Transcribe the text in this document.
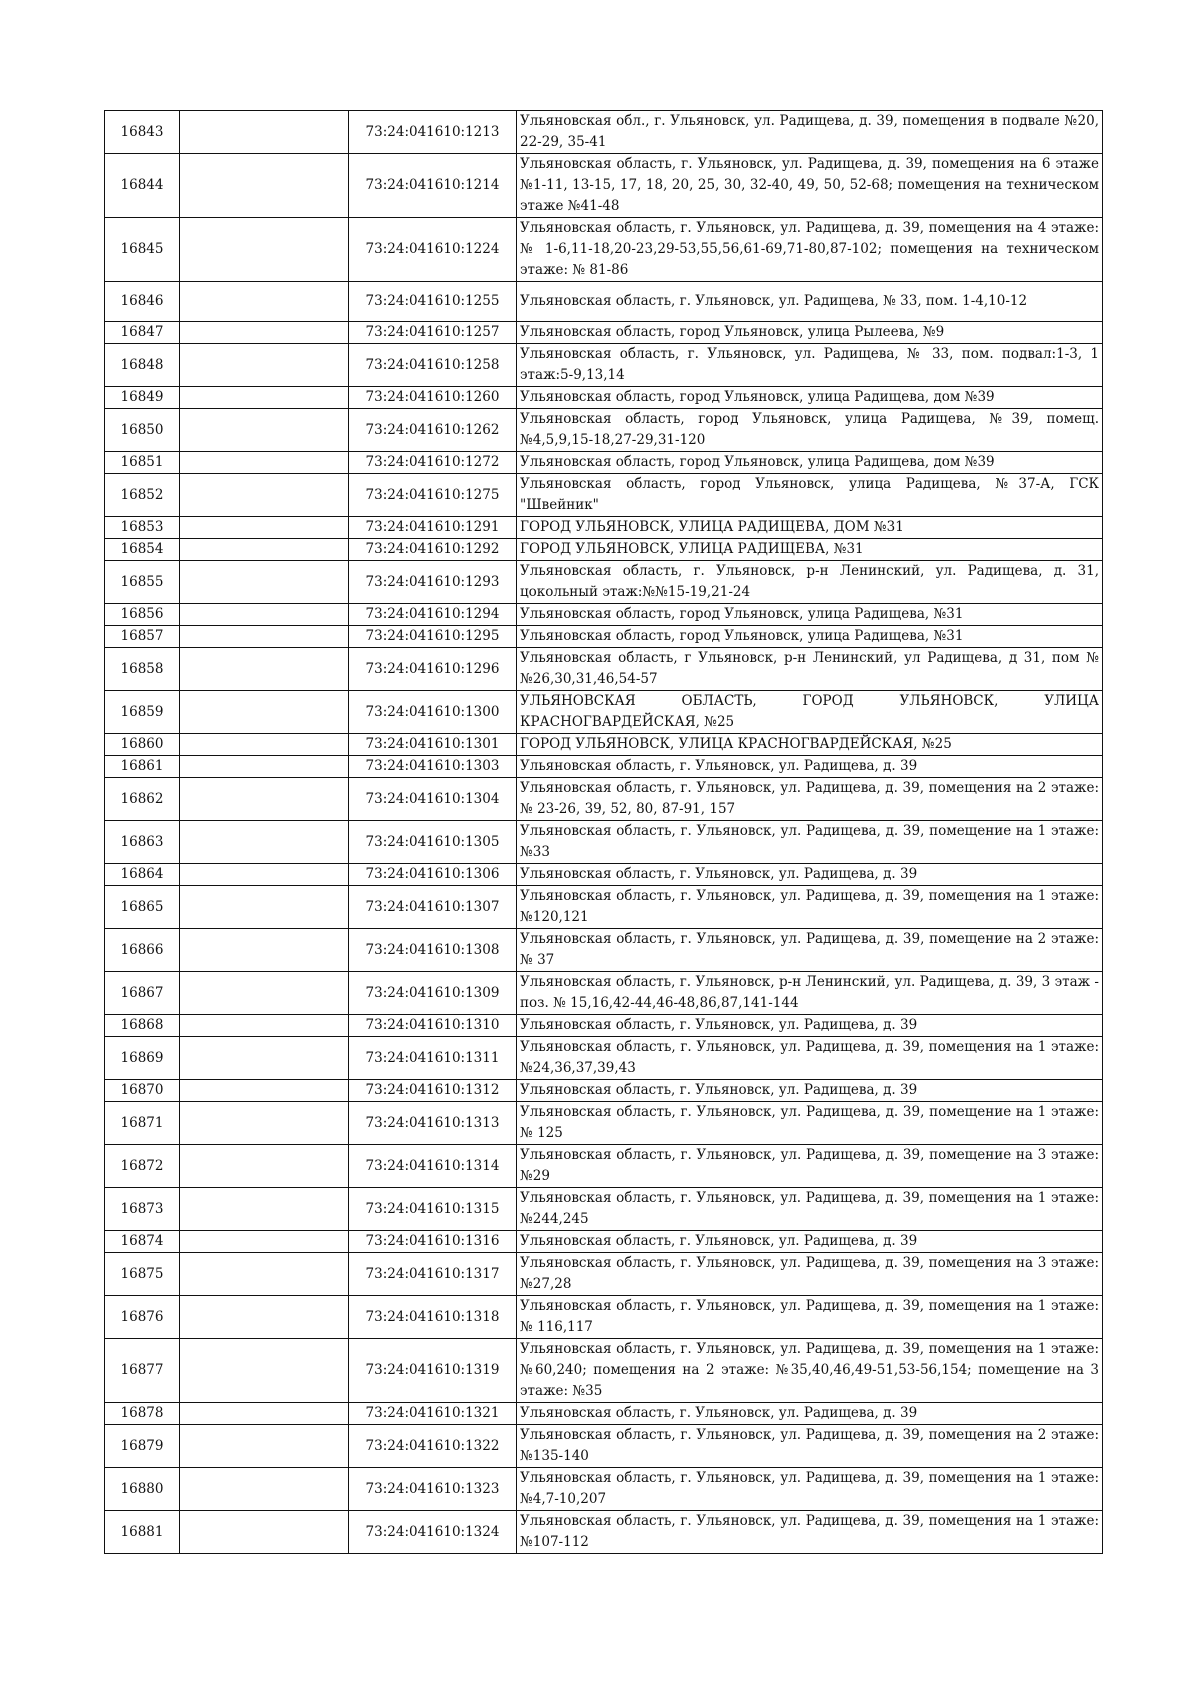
16843		73:24:041610:1213	Ульяновская обл., г. Ульяновск, ул. Радищева, д. 39, помещения в подвале №20, 22-29, 35-41
16844		73:24:041610:1214	Ульяновская область, г. Ульяновск, ул. Радищева, д. 39, помещения на 6 этаже №1-11, 13-15, 17, 18, 20, 25, 30, 32-40, 49, 50, 52-68; помещения на техническом этаже №41-48
16845		73:24:041610:1224	Ульяновская область, г. Ульяновск, ул. Радищева, д. 39, помещения на 4 этаже: № 1-6,11-18,20-23,29-53,55,56,61-69,71-80,87-102; помещения на техническом этаже: № 81-86
16846		73:24:041610:1255	Ульяновская область, г. Ульяновск, ул. Радищева, № 33, пом. 1-4,10-12
16847		73:24:041610:1257	Ульяновская область, город Ульяновск, улица Рылеева, №9
16848		73:24:041610:1258	Ульяновская область, г. Ульяновск, ул. Радищева, № 33, пом. подвал:1-3, 1 этаж:5-9,13,14
16849		73:24:041610:1260	Ульяновская область, город Ульяновск, улица Радищева, дом №39
16850		73:24:041610:1262	Ульяновская область, город Ульяновск, улица Радищева, №39, помещ. №4,5,9,15-18,27-29,31-120
16851		73:24:041610:1272	Ульяновская область, город Ульяновск, улица Радищева, дом №39
16852		73:24:041610:1275	Ульяновская область, город Ульяновск, улица Радищева, №37-А, ГСК "Швейник"
16853		73:24:041610:1291	ГОРОД УЛЬЯНОВСК, УЛИЦА РАДИЩЕВА, ДОМ №31
16854		73:24:041610:1292	ГОРОД УЛЬЯНОВСК, УЛИЦА РАДИЩЕВА, №31
16855		73:24:041610:1293	Ульяновская область, г. Ульяновск, р-н Ленинский, ул. Радищева, д. 31, цокольный этаж:№№15-19,21-24
16856		73:24:041610:1294	Ульяновская область, город Ульяновск, улица Радищева, №31
16857		73:24:041610:1295	Ульяновская область, город Ульяновск, улица Радищева, №31
16858		73:24:041610:1296	Ульяновская область, г Ульяновск, р-н Ленинский, ул Радищева, д 31, пом №№26,30,31,46,54-57
16859		73:24:041610:1300	УЛЬЯНОВСКАЯ ОБЛАСТЬ, ГОРОД УЛЬЯНОВСК, УЛИЦА КРАСНОГВАРДЕЙСКАЯ, №25
16860		73:24:041610:1301	ГОРОД УЛЬЯНОВСК, УЛИЦА КРАСНОГВАРДЕЙСКАЯ, №25
16861		73:24:041610:1303	Ульяновская область, г. Ульяновск, ул. Радищева, д. 39
16862		73:24:041610:1304	Ульяновская область, г. Ульяновск, ул. Радищева, д. 39, помещения на 2 этаже: № 23-26, 39, 52, 80, 87-91, 157
16863		73:24:041610:1305	Ульяновская область, г. Ульяновск, ул. Радищева, д. 39, помещение на 1 этаже: №33
16864		73:24:041610:1306	Ульяновская область, г. Ульяновск, ул. Радищева, д. 39
16865		73:24:041610:1307	Ульяновская область, г. Ульяновск, ул. Радищева, д. 39, помещения на 1 этаже: №120,121
16866		73:24:041610:1308	Ульяновская область, г. Ульяновск, ул. Радищева, д. 39, помещение на 2 этаже: № 37
16867		73:24:041610:1309	Ульяновская область, г. Ульяновск, р-н Ленинский, ул. Радищева, д. 39, 3 этаж - поз. № 15,16,42-44,46-48,86,87,141-144
16868		73:24:041610:1310	Ульяновская область, г. Ульяновск, ул. Радищева, д. 39
16869		73:24:041610:1311	Ульяновская область, г. Ульяновск, ул. Радищева, д. 39, помещения на 1 этаже: №24,36,37,39,43
16870		73:24:041610:1312	Ульяновская область, г. Ульяновск, ул. Радищева, д. 39
16871		73:24:041610:1313	Ульяновская область, г. Ульяновск, ул. Радищева, д. 39, помещение на 1 этаже: № 125
16872		73:24:041610:1314	Ульяновская область, г. Ульяновск, ул. Радищева, д. 39, помещение на 3 этаже: №29
16873		73:24:041610:1315	Ульяновская область, г. Ульяновск, ул. Радищева, д. 39, помещения на 1 этаже: №244,245
16874		73:24:041610:1316	Ульяновская область, г. Ульяновск, ул. Радищева, д. 39
16875		73:24:041610:1317	Ульяновская область, г. Ульяновск, ул. Радищева, д. 39, помещения на 3 этаже: №27,28
16876		73:24:041610:1318	Ульяновская область, г. Ульяновск, ул. Радищева, д. 39, помещения на 1 этаже: № 116,117
16877		73:24:041610:1319	Ульяновская область, г. Ульяновск, ул. Радищева, д. 39, помещения на 1 этаже: №60,240; помещения на 2 этаже: №35,40,46,49-51,53-56,154; помещение на 3 этаже: №35
16878		73:24:041610:1321	Ульяновская область, г. Ульяновск, ул. Радищева, д. 39
16879		73:24:041610:1322	Ульяновская область, г. Ульяновск, ул. Радищева, д. 39, помещения на 2 этаже: №135-140
16880		73:24:041610:1323	Ульяновская область, г. Ульяновск, ул. Радищева, д. 39, помещения на 1 этаже: №4,7-10,207
16881		73:24:041610:1324	Ульяновская область, г. Ульяновск, ул. Радищева, д. 39, помещения на 1 этаже: №107-112
